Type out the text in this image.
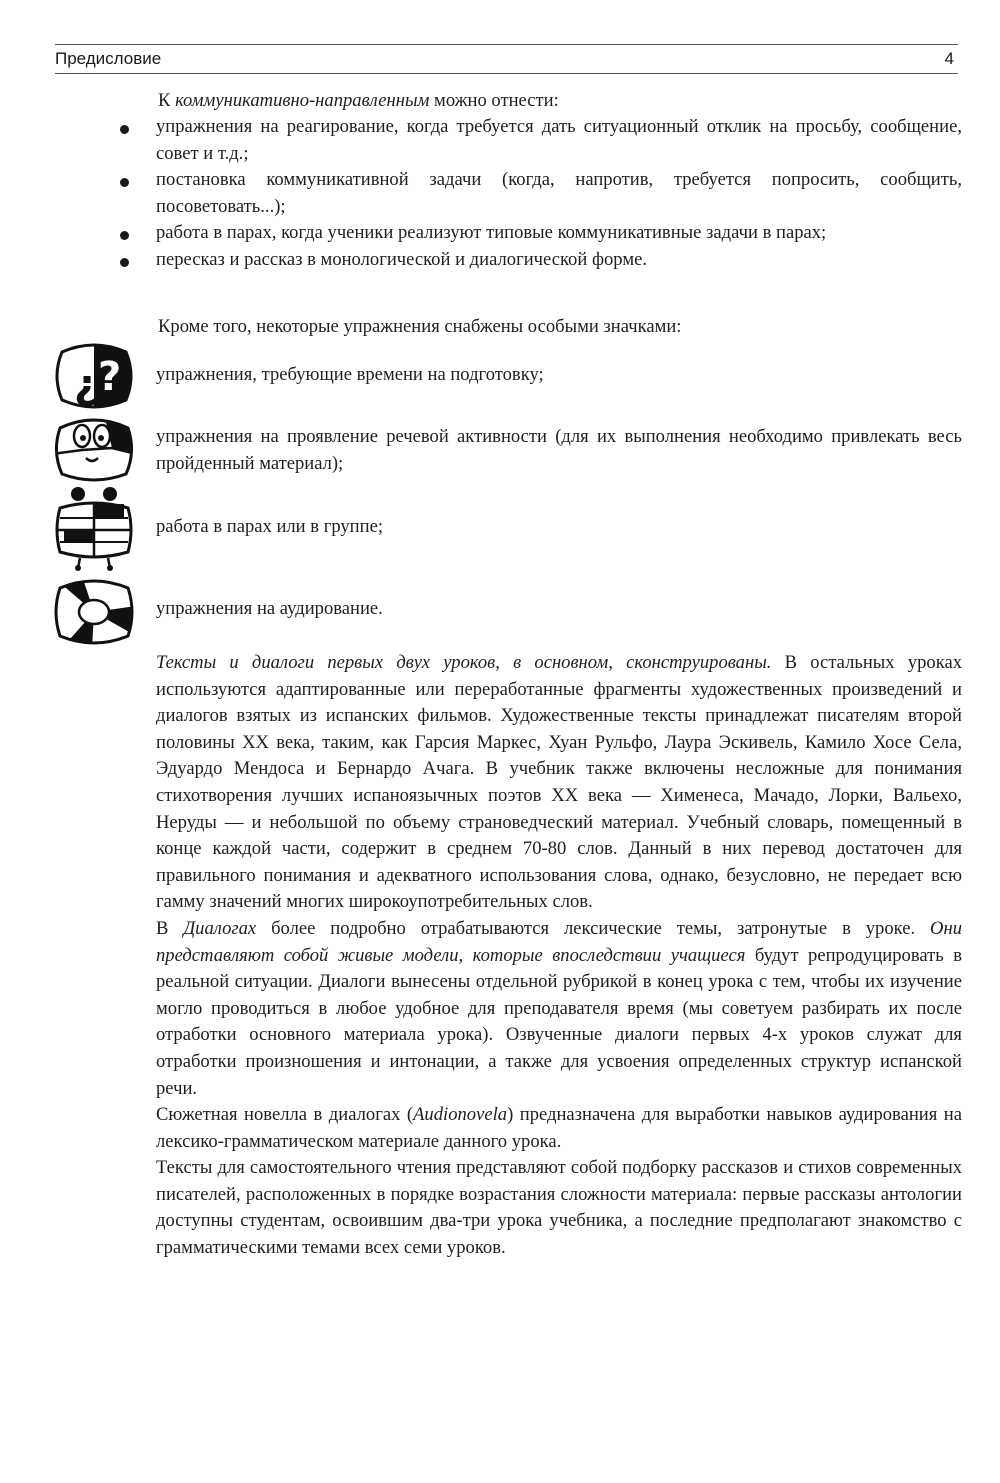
Предисловие	4
К коммуникативно-направленным можно отнести:
упражнения на реагирование, когда требуется дать ситуационный отклик на просьбу, сообщение, совет и т.д.;
постановка коммуникативной задачи (когда, напротив, требуется попросить, сообщить, посоветовать...);
работа в парах, когда ученики реализуют типовые коммуникативные задачи в парах;
пересказ и рассказ в монологической и диалогической форме.
Кроме того, некоторые упражнения снабжены особыми значками:
¿ ? упражнения, требующие времени на подготовку;
упражнения на проявление речевой активности (для их выполнения необходимо привлекать весь пройденный материал);
работа в парах или в группе;
упражнения на аудирование.

Тексты и диалоги первых двух уроков, в основном, сконструированы. В остальных уроках используются адаптированные или переработанные фрагменты художественных произведений и диалогов взятых из испанских фильмов. Художественные тексты принадлежат писателям второй половины XX века, таким, как Гарсия Маркес, Хуан Рульфо, Лаура Эскивель, Камило Хосе Села, Эдуардо Мендоса и Бернардо Ачага. В учебник также включены несложные для понимания стихотворения лучших испаноязычных поэтов XX века — Хименеса, Мачадо, Лорки, Вальехо, Неруды — и небольшой по объему страноведческий материал. Учебный словарь, помещенный в конце каждой части, содержит в среднем 70-80 слов. Данный в них перевод достаточен для правильного понимания и адекватного использования слова, однако, безусловно, не передает всю гамму значений многих широкоупотребительных слов.

В Диалогах более подробно отрабатываются лексические темы, затронутые в уроке. Они представляют собой живые модели, которые впоследствии учащиеся будут репродуцировать в реальной ситуации. Диалоги вынесены отдельной рубрикой в конец урока с тем, чтобы их изучение могло проводиться в любое удобное для преподавателя время (мы советуем разбирать их после отработки основного материала урока). Озвученные диалоги первых 4-х уроков служат для отработки произношения и интонации, а также для усвоения определенных структур испанской речи.

Сюжетная новелла в диалогах (Audionovela) предназначена для выработки навыков аудирования на лексико-грамматическом материале данного урока.

Тексты для самостоятельного чтения представляют собой подборку рассказов и стихов современных писателей, расположенных в порядке возрастания сложности материала: первые рассказы антологии доступны студентам, освоившим два-три урока учебника, а последние предполагают знакомство с грамматическими темами всех семи уроков.
